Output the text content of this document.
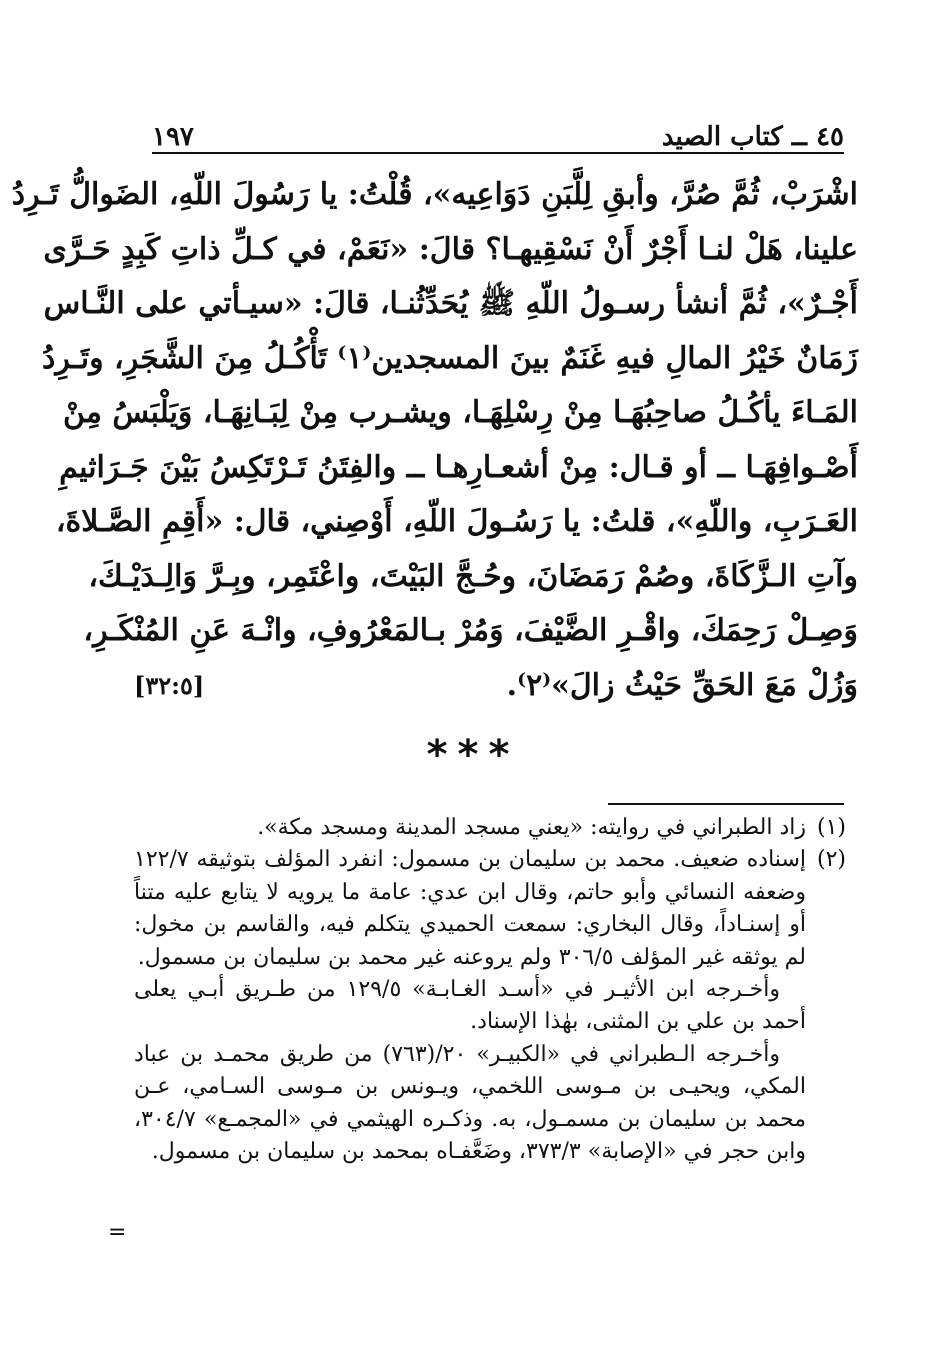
٤٥ ــ كتاب الصيد
١٩٧
اشْرَبْ، ثُمَّ صُرَّ، وأبقِ لِلَّبَنِ دَوَاعِيه»، قُلْتُ: يا رَسُولَ اللّهِ، الضَوالُّ تَـرِدُ
علينا، هَلْ لنـا أَجْرٌ أَنْ نَسْقِيهـا؟ قالَ: «نَعَمْ، في كـلِّ ذاتِ كَبِدٍ حَـرَّى
أَجْـرٌ»، ثُمَّ أنشأ رسـولُ اللّهِ ﷺ يُحَدِّثُنـا، قالَ: «سيـأتي على النَّـاس
زَمَانٌ خَيْرُ المالِ فيهِ غَنَمٌ بينَ المسجدين⁽١⁾ تَأْكُـلُ مِنَ الشَّجَرِ، وتَـرِدُ
المَـاءَ يأكُـلُ صاحِبُهَـا مِنْ رِسْلِهَـا، ويشـرب مِنْ لِبَـانِهَـا، وَيَلْبَسُ مِنْ
أَصْـوافِهَـا ــ أو قـال: مِنْ أشعـارِهـا ــ والفِتَنُ تَـرْتَكِسُ بَيْنَ جَـرَاثيمِ
العَـرَبِ، واللّهِ»، قلتُ: يا رَسُـولَ اللّهِ، أَوْصِني، قال: «أَقِمِ الصَّـلاةَ،
وآتِ الـزَّكَاةَ، وصُمْ رَمَضَانَ، وحُـجَّ البَيْتَ، واعْتَمِر، وبِـرَّ وَالِـدَيْـكَ،
وَصِـلْ رَحِمَكَ، واقْـرِ الضَّيْفَ، وَمُرْ بـالمَعْرُوفِ، وانْـهَ عَنِ المُنْكَـرِ،
وَزُلْ مَعَ الحَقِّ حَيْثُ زالَ»⁽٢⁾.
[٣٢:٥]
***
(١)
زاد الطبراني في روايته: «يعني مسجد المدينة ومسجد مكة».
(٢)
إسناده ضعيف. محمد بن سليمان بن مسمول: انفرد المؤلف بتوثيقه ١٢٢/٧
وضعفه النسائي وأبو حاتم، وقال ابن عدي: عامة ما يرويه لا يتابع عليه متناً
أو إسنـاداً، وقال البخاري: سمعت الحميدي يتكلم فيه، والقاسم بن مخول:
لم يوثقه غير المؤلف ٣٠٦/٥ ولم يروعنه غير محمد بن سليمان بن مسمول.
وأخـرجه ابن الأثيـر في «أسـد الغـابـة» ١٢٩/٥ من طـريق أبـي يعلى
أحمد بن علي بن المثنى، بهٰذا الإسناد.
وأخـرجه الـطبراني في «الكبيـر» ٢٠/(٧٦٣) من طريق محمـد بن عباد
المكي، ويحيـى بن مـوسى اللخمي، ويـونس بن مـوسى السـامي، عـن
محمد بن سليمان بن مسمـول، به. وذكـره الهيثمي في «المجمـع» ٣٠٤/٧،
وابن حجر في «الإصابة» ٣٧٣/٣، وضَعَّفـاه بمحمد بن سليمان بن مسمول.
=
